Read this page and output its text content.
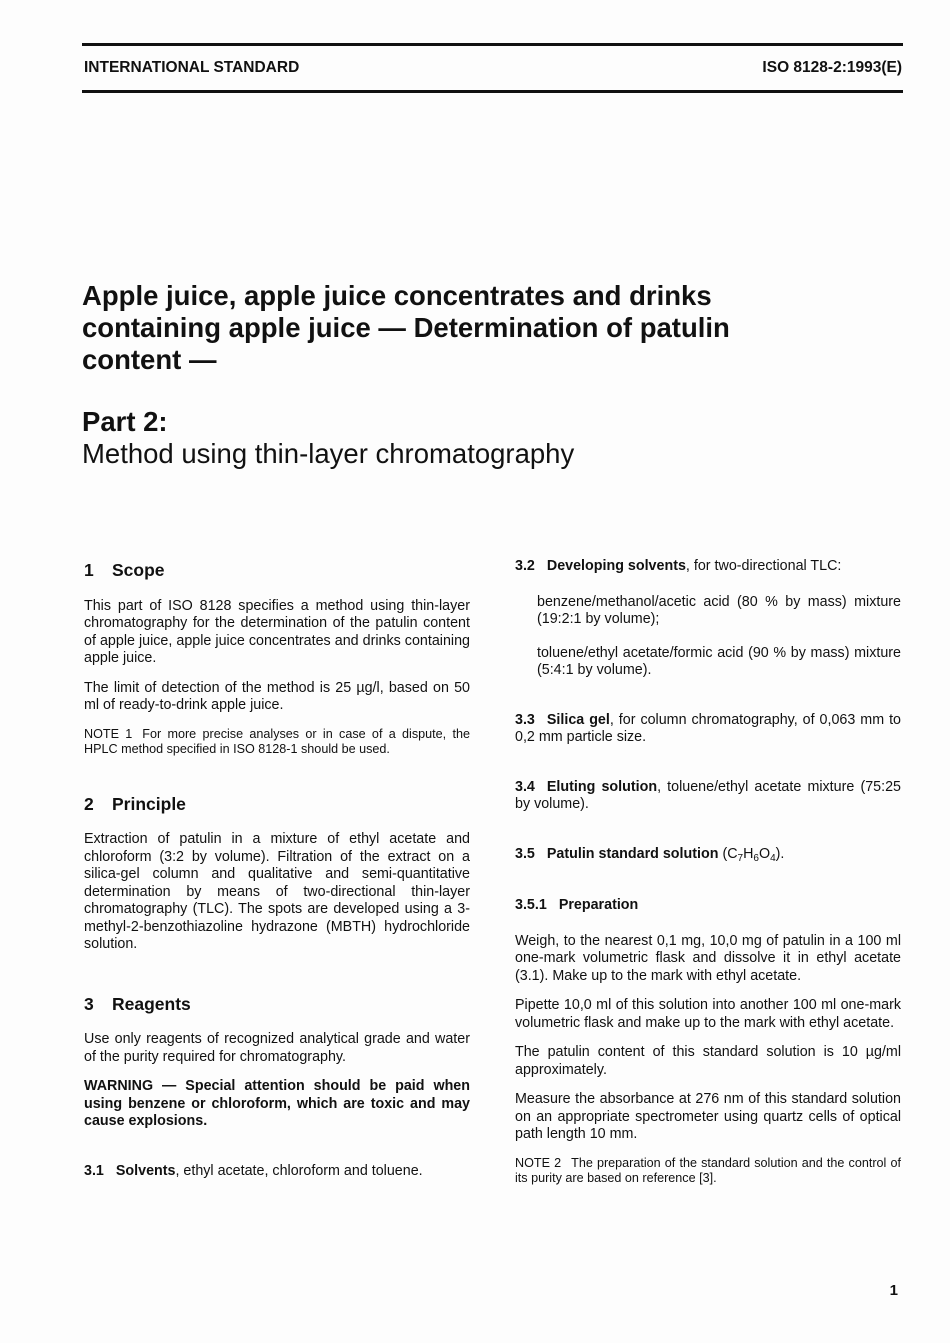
INTERNATIONAL STANDARD	ISO 8128-2:1993(E)
Apple juice, apple juice concentrates and drinks
containing apple juice — Determination of patulin
content —
Part 2:
Method using thin-layer chromatography
1 Scope

This part of ISO 8128 specifies a method using thin-layer chromatography for the determination of the patulin content of apple juice, apple juice concentrates and drinks containing apple juice.

The limit of detection of the method is 25 µg/l, based on 50 ml of ready-to-drink apple juice.

NOTE 1 For more precise analyses or in case of a dispute, the HPLC method specified in ISO 8128-1 should be used.
2 Principle

Extraction of patulin in a mixture of ethyl acetate and chloroform (3:2 by volume). Filtration of the extract on a silica-gel column and qualitative and semi-quantitative determination by means of two-directional thin-layer chromatography (TLC). The spots are developed using a 3-methyl-2-benzothiazoline hydrazone (MBTH) hydrochloride solution.

3 Reagents

Use only reagents of recognized analytical grade and water of the purity required for chromatography.

WARNING — Special attention should be paid when using benzene or chloroform, which are toxic and may cause explosions.

3.1 Solvents, ethyl acetate, chloroform and toluene.

3.2 Developing solvents, for two-directional TLC:

benzene/methanol/acetic acid (80 % by mass) mixture (19:2:1 by volume);

toluene/ethyl acetate/formic acid (90 % by mass) mixture (5:4:1 by volume).

3.3 Silica gel, for column chromatography, of 0,063 mm to 0,2 mm particle size.

3.4 Eluting solution, toluene/ethyl acetate mixture (75:25 by volume).

3.5 Patulin standard solution $(C_7H_6O_4)$.

3.5.1 Preparation

Weigh, to the nearest 0,1 mg, 10,0 mg of patulin in a 100 ml one-mark volumetric flask and dissolve it in ethyl acetate (3.1). Make up to the mark with ethyl acetate.

Pipette 10,0 ml of this solution into another 100 ml one-mark volumetric flask and make up to the mark with ethyl acetate.

The patulin content of this standard solution is 10 µg/ml approximately.

Measure the absorbance at 276 nm of this standard solution on an appropriate spectrometer using quartz cells of optical path length 10 mm.

NOTE 2 The preparation of the standard solution and the control of its purity are based on reference [3].
1
